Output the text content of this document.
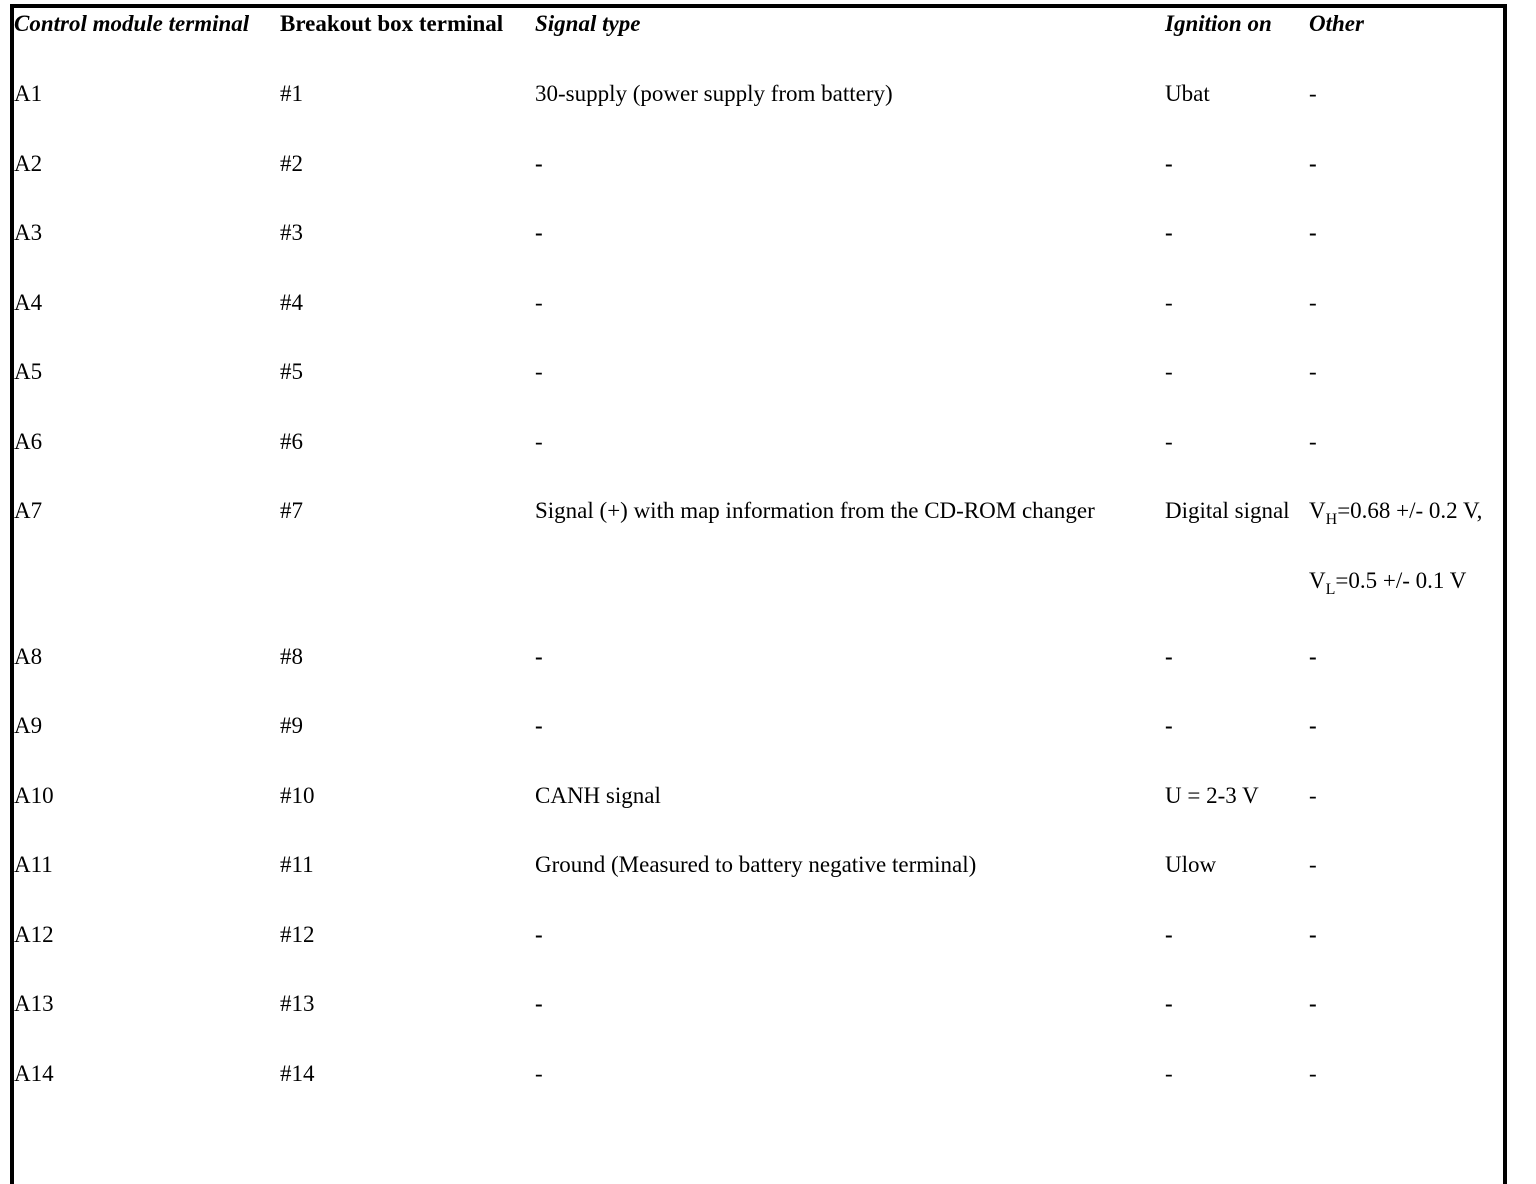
Control module terminal	Breakout box terminal	Signal type	Ignition on	Other
A1	#1	30-supply (power supply from battery)	Ubat	-
A2	#2	-	-	-
A3	#3	-	-	-
A4	#4	-	-	-
A5	#5	-	-	-
A6	#6	-	-	-
A7	#7	Signal (+) with map information from the CD-ROM changer	Digital signal	$V_H=0.68$ +/- 0.2 V,
				$V_L=0.5$ +/- 0.1 V
A8	#8	-	-	-
A9	#9	-	-	-
A10	#10	CANH signal	U = 2-3 V	-
A11	#11	Ground (Measured to battery negative terminal)	Ulow	-
A12	#12	-	-	-
A13	#13	-	-	-
A14	#14	-	-	-
